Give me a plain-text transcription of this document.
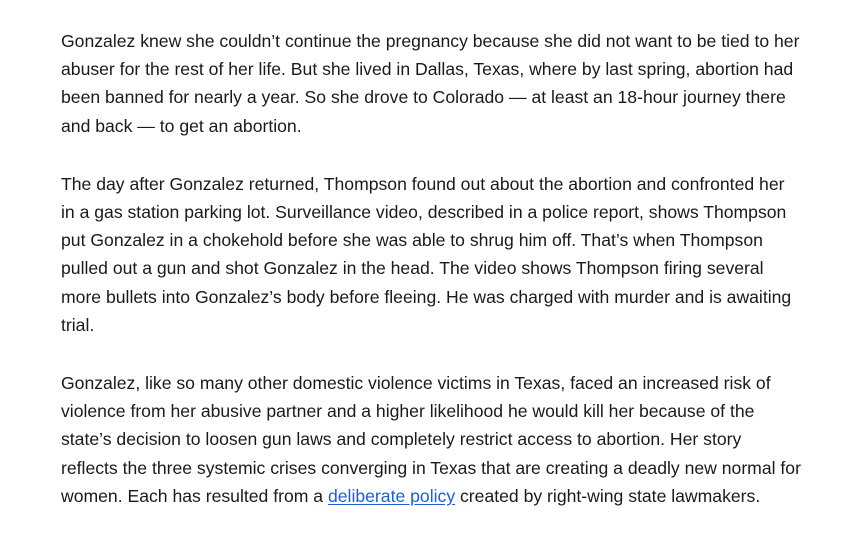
Gonzalez knew she couldn’t continue the pregnancy because she did not want to be tied to her abuser for the rest of her life. But she lived in Dallas, Texas, where by last spring, abortion had been banned for nearly a year. So she drove to Colorado — at least an 18-hour journey there and back — to get an abortion.

The day after Gonzalez returned, Thompson found out about the abortion and confronted her in a gas station parking lot. Surveillance video, described in a police report, shows Thompson put Gonzalez in a chokehold before she was able to shrug him off. That’s when Thompson pulled out a gun and shot Gonzalez in the head. The video shows Thompson firing several more bullets into Gonzalez’s body before fleeing. He was charged with murder and is awaiting trial.

Gonzalez, like so many other domestic violence victims in Texas, faced an increased risk of violence from her abusive partner and a higher likelihood he would kill her because of the state’s decision to loosen gun laws and completely restrict access to abortion. Her story reflects the three systemic crises converging in Texas that are creating a deadly new normal for women. Each has resulted from a deliberate policy created by right-wing state lawmakers.
